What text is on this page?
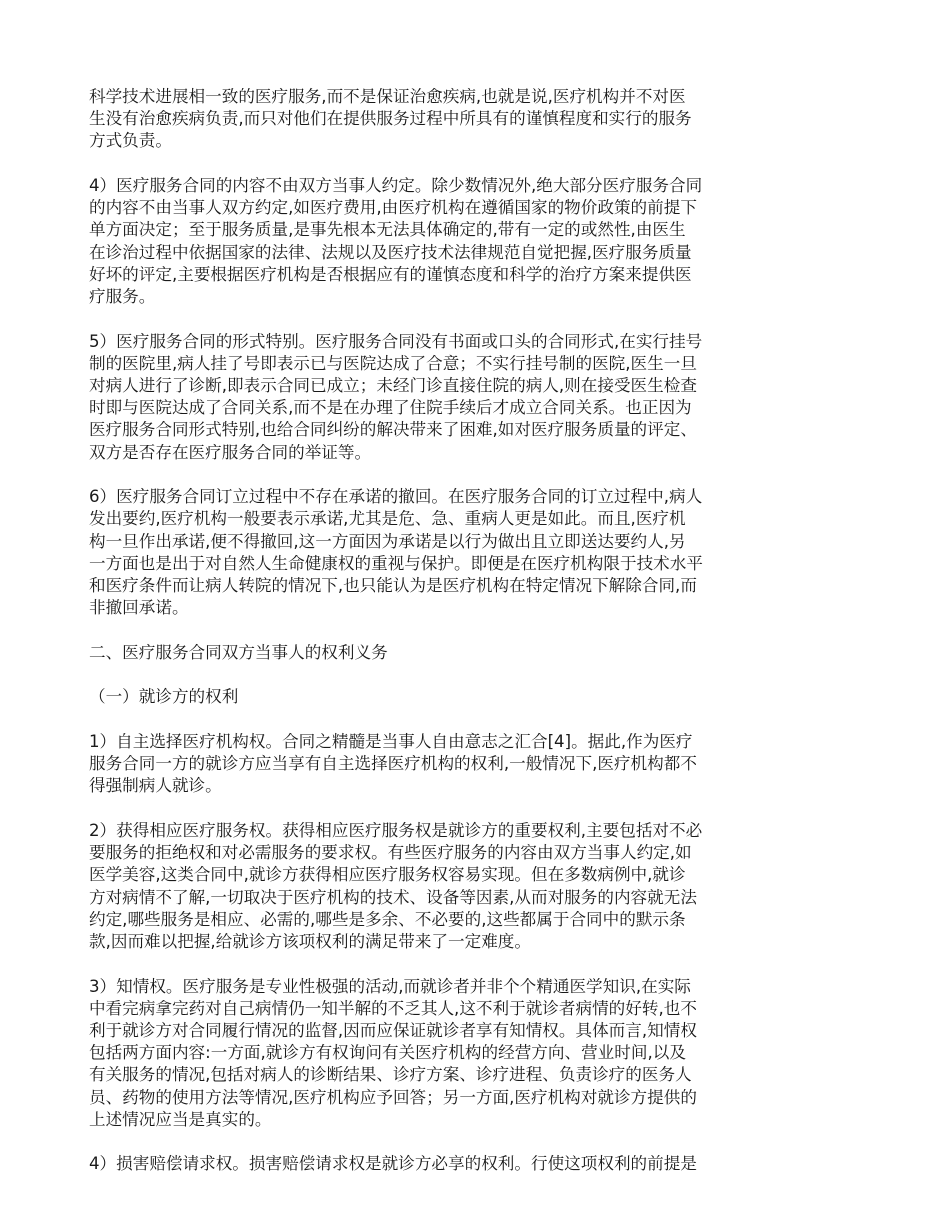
科学技术进展相一致的医疗服务,而不是保证治愈疾病,也就是说,医疗机构并不对医
生没有治愈疾病负责,而只对他们在提供服务过程中所具有的谨慎程度和实行的服务
方式负责。
4）医疗服务合同的内容不由双方当事人约定。除少数情况外,绝大部分医疗服务合同
的内容不由当事人双方约定,如医疗费用,由医疗机构在遵循国家的物价政策的前提下
单方面决定；至于服务质量,是事先根本无法具体确定的,带有一定的或然性,由医生
在诊治过程中依据国家的法律、法规以及医疗技术法律规范自觉把握,医疗服务质量
好坏的评定,主要根据医疗机构是否根据应有的谨慎态度和科学的治疗方案来提供医
疗服务。
5）医疗服务合同的形式特别。医疗服务合同没有书面或口头的合同形式,在实行挂号
制的医院里,病人挂了号即表示已与医院达成了合意；不实行挂号制的医院,医生一旦
对病人进行了诊断,即表示合同已成立；未经门诊直接住院的病人,则在接受医生检查
时即与医院达成了合同关系,而不是在办理了住院手续后才成立合同关系。也正因为
医疗服务合同形式特别,也给合同纠纷的解决带来了困难,如对医疗服务质量的评定、
双方是否存在医疗服务合同的举证等。
6）医疗服务合同订立过程中不存在承诺的撤回。在医疗服务合同的订立过程中,病人
发出要约,医疗机构一般要表示承诺,尤其是危、急、重病人更是如此。而且,医疗机
构一旦作出承诺,便不得撤回,这一方面因为承诺是以行为做出且立即送达要约人,另
一方面也是出于对自然人生命健康权的重视与保护。即便是在医疗机构限于技术水平
和医疗条件而让病人转院的情况下,也只能认为是医疗机构在特定情况下解除合同,而
非撤回承诺。
二、医疗服务合同双方当事人的权利义务
（一）就诊方的权利
1）自主选择医疗机构权。合同之精髓是当事人自由意志之汇合[4]。据此,作为医疗
服务合同一方的就诊方应当享有自主选择医疗机构的权利,一般情况下,医疗机构都不
得强制病人就诊。
2）获得相应医疗服务权。获得相应医疗服务权是就诊方的重要权利,主要包括对不必
要服务的拒绝权和对必需服务的要求权。有些医疗服务的内容由双方当事人约定,如
医学美容,这类合同中,就诊方获得相应医疗服务权容易实现。但在多数病例中,就诊
方对病情不了解,一切取决于医疗机构的技术、设备等因素,从而对服务的内容就无法
约定,哪些服务是相应、必需的,哪些是多余、不必要的,这些都属于合同中的默示条
款,因而难以把握,给就诊方该项权利的满足带来了一定难度。
3）知情权。医疗服务是专业性极强的活动,而就诊者并非个个精通医学知识,在实际
中看完病拿完药对自己病情仍一知半解的不乏其人,这不利于就诊者病情的好转,也不
利于就诊方对合同履行情况的监督,因而应保证就诊者享有知情权。具体而言,知情权
包括两方面内容:一方面,就诊方有权询问有关医疗机构的经营方向、营业时间,以及
有关服务的情况,包括对病人的诊断结果、诊疗方案、诊疗进程、负责诊疗的医务人
员、药物的使用方法等情况,医疗机构应予回答；另一方面,医疗机构对就诊方提供的
上述情况应当是真实的。
4）损害赔偿请求权。损害赔偿请求权是就诊方必享的权利。行使这项权利的前提是
